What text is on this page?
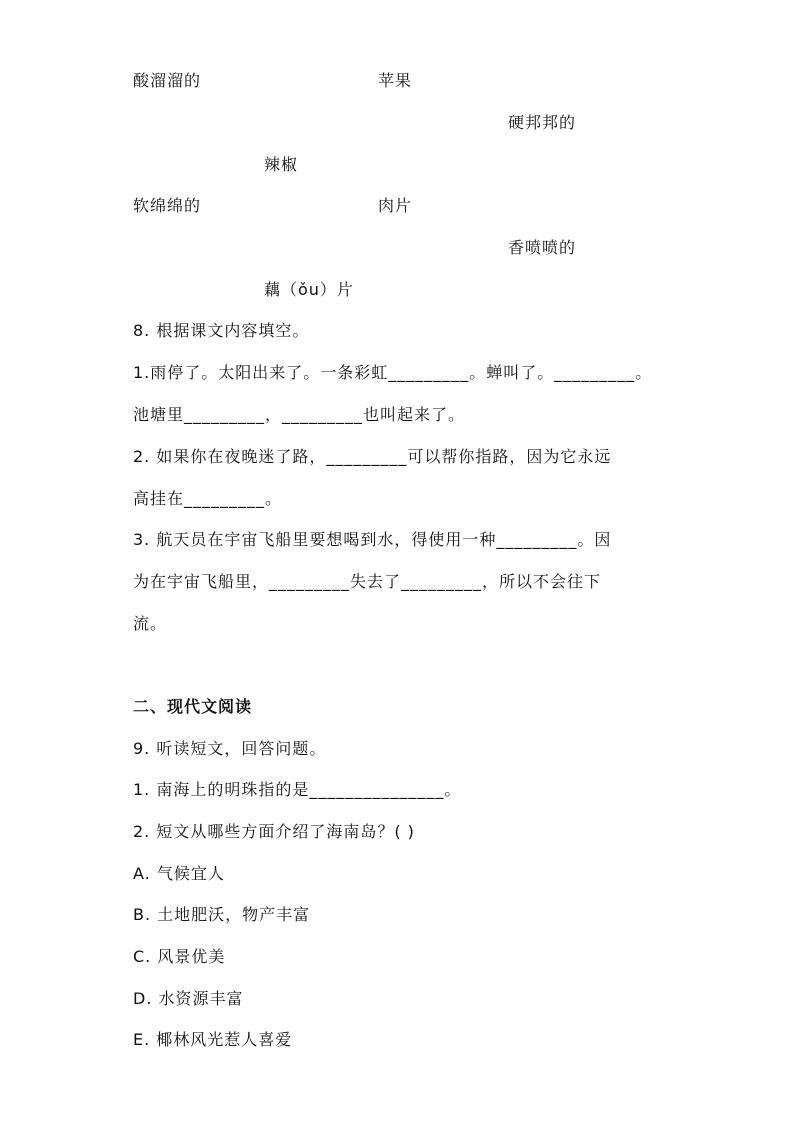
酸溜溜的	苹果
硬邦邦的
辣椒
软绵绵的	肉片
香喷喷的
藕（ǒu）片
8. 根据课文内容填空。
1.雨停了。太阳出来了。一条彩虹_________。蝉叫了。_________。
池塘里_________，_________也叫起来了。
2. 如果你在夜晚迷了路，_________可以帮你指路，因为它永远
高挂在_________。
3. 航天员在宇宙飞船里要想喝到水，得使用一种_________。因
为在宇宙飞船里，_________失去了_________，所以不会往下
流。
二、现代文阅读
9. 听读短文，回答问题。
1. 南海上的明珠指的是_______________。
2. 短文从哪些方面介绍了海南岛？( )
A. 气候宜人
B. 土地肥沃，物产丰富
C. 风景优美
D. 水资源丰富
E. 椰林风光惹人喜爱
